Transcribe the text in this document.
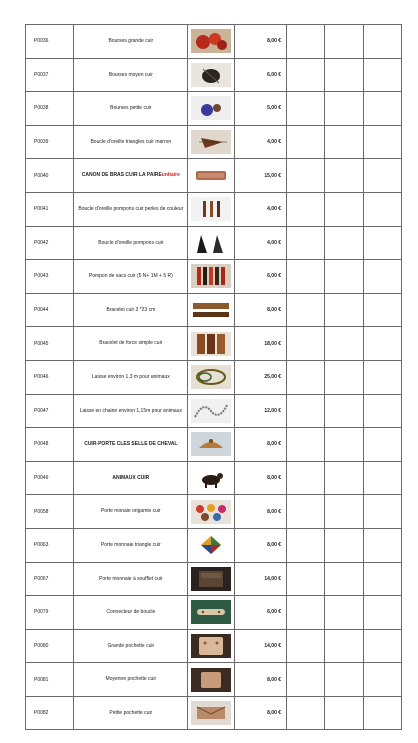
P0036	Bourses grande cuir		8,00 €			
P0037	Bourses moyen cuir		6,00 €			
P0038	Bourses petite cuir		5,00 €			
P0039	Boucle d'oreille triangles cuir marron		4,00 €			
P0040	CANON DE BRAS CUIR LA PAIREunitaire		15,00 €			
P0041	Boucle d'oreille pompons cuir perles de couleur		4,00 €			
P0042	Boucle d'oreille pompons cuir		4,00 €			
P0043	Pompon de sacs cuir (5 N+ 1M + 5 R)		6,00 €			
P0044	Bracelet cuir 3 *23 cm		8,00 €			
P0045	Bracelet de force simple cuir		18,00 €			
P0046	Laisse environ 1,3 m pour animaux		25,00 €			
P0047	Laisse en chaine environ 1,15m pour animaux		12,00 €			
P0048	CUIR-PORTE CLES SELLE DE CHEVAL		8,00 €			
P0049	ANIMAUX CUIR		8,00 €			
P0058	Porte monaie origamie cuir		8,00 €			
P0063	Porte monnaie triangle cuir		8,00 €			
P0067	Porte monnaie à soufflet cuir		14,00 €			
P0079	Connecteur de boucle		6,00 €			
P0080	Grande pochette cuir		14,00 €			
P0081	Moyenne pochette cuir		8,00 €			
P0082	Petite pochette cuir		8,00 €			
